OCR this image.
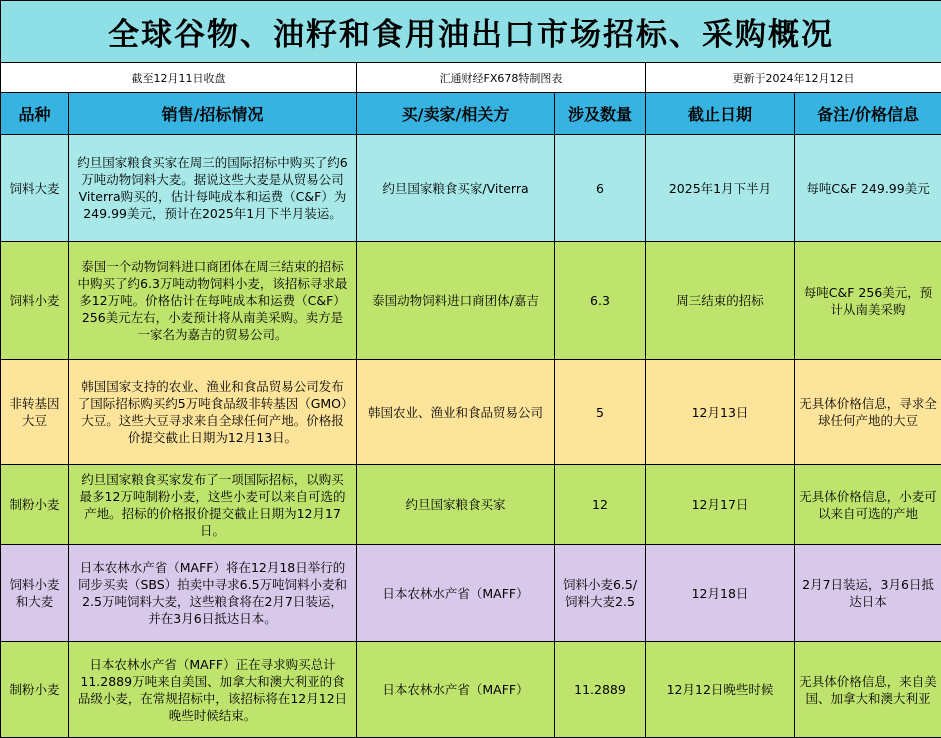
全球谷物、油籽和食用油出口市场招标、采购概况					
截至12月11日收盘		汇通财经FX678特制图表		更新于2024年12月12日	
品种	销售/招标情况	买/卖家/相关方	涉及数量	截止日期	备注/价格信息
饲料大麦	约旦国家粮食买家在周三的国际招标中购买了约6万吨动物饲料大麦。据说这些大麦是从贸易公司Viterra购买的，估计每吨成本和运费（C&F）为249.99美元，预计在2025年1月下半月装运。	约旦国家粮食买家/Viterra	6	2025年1月下半月	每吨C&F 249.99美元
饲料小麦	泰国一个动物饲料进口商团体在周三结束的招标中购买了约6.3万吨动物饲料小麦，该招标寻求最多12万吨。价格估计在每吨成本和运费（C&F）256美元左右，小麦预计将从南美采购。卖方是一家名为嘉吉的贸易公司。	泰国动物饲料进口商团体/嘉吉	6.3	周三结束的招标	每吨C&F 256美元，预计从南美采购
非转基因大豆	韩国国家支持的农业、渔业和食品贸易公司发布了国际招标购买约5万吨食品级非转基因（GMO）大豆。这些大豆寻求来自全球任何产地。价格报价提交截止日期为12月13日。	韩国农业、渔业和食品贸易公司	5	12月13日	无具体价格信息，寻求全球任何产地的大豆
制粉小麦	约旦国家粮食买家发布了一项国际招标，以购买最多12万吨制粉小麦，这些小麦可以来自可选的产地。招标的价格报价提交截止日期为12月17日。	约旦国家粮食买家	12	12月17日	无具体价格信息，小麦可以来自可选的产地
饲料小麦和大麦	日本农林水产省（MAFF）将在12月18日举行的同步买卖（SBS）拍卖中寻求6.5万吨饲料小麦和2.5万吨饲料大麦，这些粮食将在2月7日装运，并在3月6日抵达日本。	日本农林水产省（MAFF）	饲料小麦6.5/饲料大麦2.5	12月18日	2月7日装运，3月6日抵达日本
制粉小麦	日本农林水产省（MAFF）正在寻求购买总计11.2889万吨来自美国、加拿大和澳大利亚的食品级小麦，在常规招标中，该招标将在12月12日晚些时候结束。	日本农林水产省（MAFF）	11.2889	12月12日晚些时候	无具体价格信息，来自美国、加拿大和澳大利亚
